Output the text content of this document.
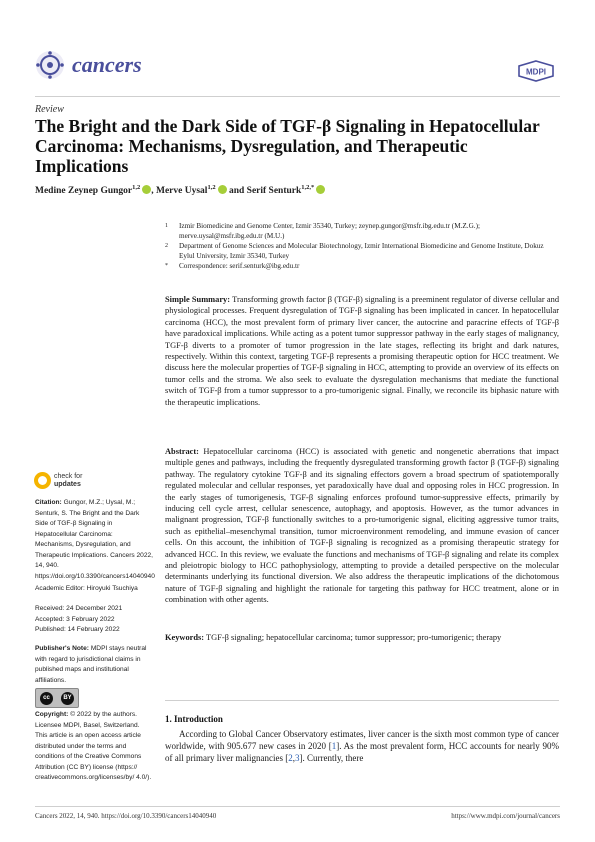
cancers	MDPI
Review
The Bright and the Dark Side of TGF-β Signaling in Hepatocellular Carcinoma: Mechanisms, Dysregulation, and Therapeutic Implications
Medine Zeynep Gungor$^{1,2}$ , Merve Uysal$^{1,2}$ and Serif Senturk$^{1,2,*}$
1	Izmir Biomedicine and Genome Center, Izmir 35340, Turkey; zeynep.gungor@msfr.ibg.edu.tr (M.Z.G.); merve.uysal@msfr.ibg.edu.tr (M.U.)
2	Department of Genome Sciences and Molecular Biotechnology, Izmir International Biomedicine and Genome Institute, Dokuz Eylul University, Izmir 35340, Turkey
*	Correspondence: serif.senturk@ibg.edu.tr
Simple Summary: Transforming growth factor β (TGF-β) signaling is a preeminent regulator of diverse cellular and physiological processes. Frequent dysregulation of TGF-β signaling has been implicated in cancer. In hepatocellular carcinoma (HCC), the most prevalent form of primary liver cancer, the autocrine and paracrine effects of TGF-β have paradoxical implications. While acting as a potent tumor suppressor pathway in the early stages of malignancy, TGF-β diverts to a promoter of tumor progression in the late stages, reflecting its bright and dark natures, respectively. Within this context, targeting TGF-β represents a promising therapeutic option for HCC treatment. We discuss here the molecular properties of TGF-β signaling in HCC, attempting to provide an overview of its effects on tumor cells and the stroma. We also seek to evaluate the dysregulation mechanisms that mediate the functional switch of TGF-β from a tumor suppressor to a pro-tumorigenic signal. Finally, we reconcile its biphasic nature with the therapeutic implications.
Abstract: Hepatocellular carcinoma (HCC) is associated with genetic and nongenetic aberrations that impact multiple genes and pathways, including the frequently dysregulated transforming growth factor β (TGF-β) signaling pathway. The regulatory cytokine TGF-β and its signaling effectors govern a broad spectrum of spatiotemporally regulated molecular and cellular responses, yet paradoxically have dual and opposing roles in HCC progression. In the early stages of tumorigenesis, TGF-β signaling enforces profound tumor-suppressive effects, primarily by inducing cell cycle arrest, cellular senescence, autophagy, and apoptosis. However, as the tumor advances in malignant progression, TGF-β functionally switches to a pro-tumorigenic signal, eliciting aggressive tumor traits, such as epithelial–mesenchymal transition, tumor microenvironment remodeling, and immune evasion of cancer cells. On this account, the inhibition of TGF-β signaling is recognized as a promising therapeutic strategy for advanced HCC. In this review, we evaluate the functions and mechanisms of TGF-β signaling and relate its complex and pleiotropic biology to HCC pathophysiology, attempting to provide a detailed perspective on the molecular determinants underlying its functional diversion. We also address the therapeutic implications of the dichotomous nature of TGF-β signaling and highlight the rationale for targeting this pathway for HCC treatment, alone or in combination with other agents.
Keywords: TGF-β signaling; hepatocellular carcinoma; tumor suppressor; pro-tumorigenic; therapy
1. Introduction
According to Global Cancer Observatory estimates, liver cancer is the sixth most common type of cancer worldwide, with 905.677 new cases in 2020 [1]. As the most prevalent form, HCC accounts for nearly 90% of all primary liver malignancies [2,3]. Currently, there
check for
updates
Citation: Gungor, M.Z.; Uysal, M.; Senturk, S. The Bright and the Dark Side of TGF-β Signaling in Hepatocellular Carcinoma: Mechanisms, Dysregulation, and Therapeutic Implications. Cancers 2022, 14, 940. https://doi.org/10.3390/cancers14040940
Academic Editor: Hiroyuki Tsuchiya
Received: 24 December 2021
Accepted: 3 February 2022
Published: 14 February 2022
Publisher's Note: MDPI stays neutral with regard to jurisdictional claims in published maps and institutional affiliations.
cc	BY
Copyright: © 2022 by the authors. Licensee MDPI, Basel, Switzerland. This article is an open access article distributed under the terms and conditions of the Creative Commons Attribution (CC BY) license (https:// creativecommons.org/licenses/by/ 4.0/).
Cancers 2022, 14, 940. https://doi.org/10.3390/cancers14040940	https://www.mdpi.com/journal/cancers
